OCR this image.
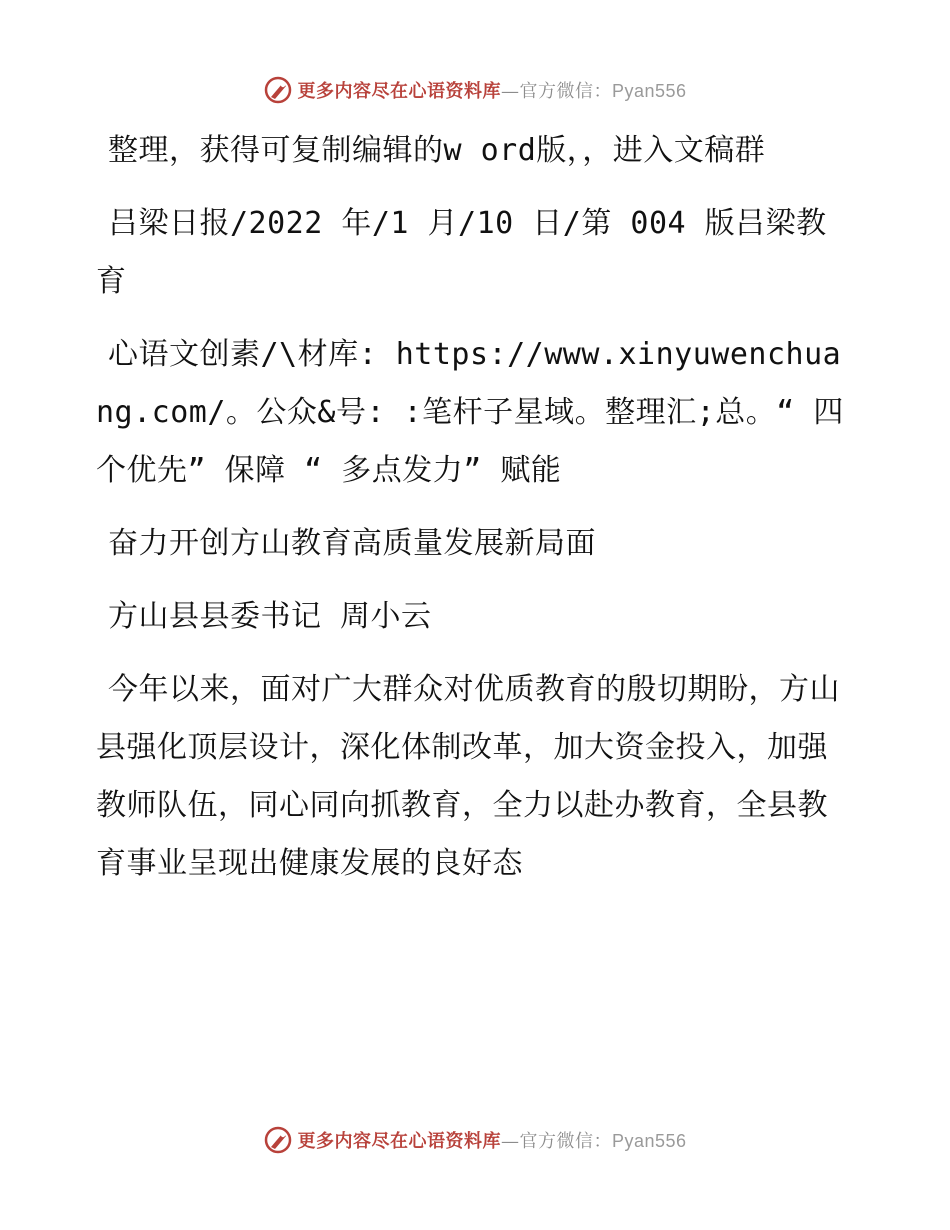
更多内容尽在心语资料库—官方微信：Pyan556

整理，获得可复制编辑的w ord版，，进入文稿群

吕梁日报/2022 年/1 月/10 日/第 004 版吕梁教育

心语文创素/\材库: https://www.xinyuwenchuang.com/。公众&号: :笔杆子星域。整理汇;总。“ 四个优先” 保障 “ 多点发力” 赋能

奋力开创方山教育高质量发展新局面

方山县县委书记 周小云

今年以来，面对广大群众对优质教育的殷切期盼，方山县强化顶层设计，深化体制改革，加大资金投入，加强教师队伍，同心同向抓教育，全力以赴办教育，全县教育事业呈现出健康发展的良好态

更多内容尽在心语资料库—官方微信：Pyan556
